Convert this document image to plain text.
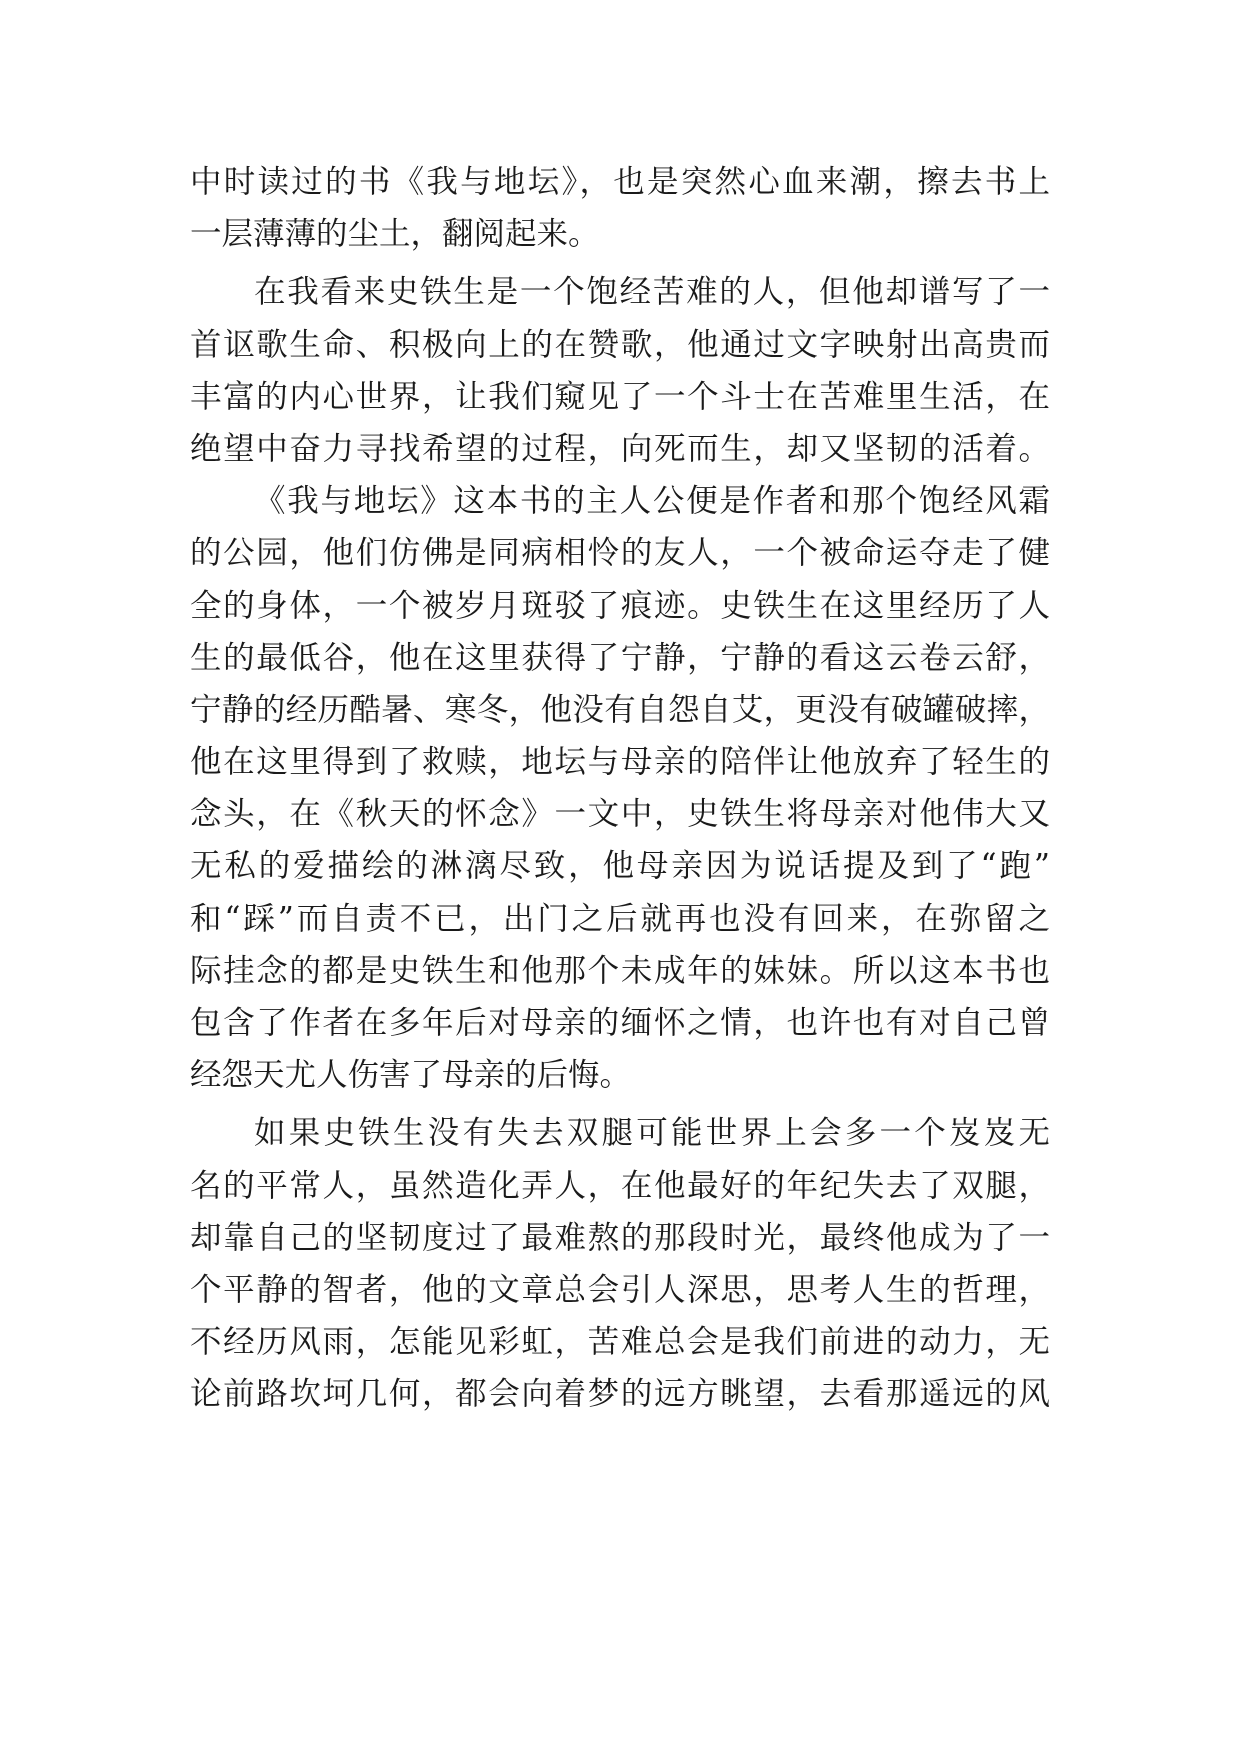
中时读过的书《我与地坛》，也是突然心血来潮，擦去书上
一层薄薄的尘土，翻阅起来。
在我看来史铁生是一个饱经苦难的人，但他却谱写了一
首讴歌生命、积极向上的在赞歌，他通过文字映射出高贵而
丰富的内心世界，让我们窥见了一个斗士在苦难里生活，在
绝望中奋力寻找希望的过程，向死而生，却又坚韧的活着。
《我与地坛》这本书的主人公便是作者和那个饱经风霜
的公园，他们仿佛是同病相怜的友人，一个被命运夺走了健
全的身体，一个被岁月斑驳了痕迹。史铁生在这里经历了人
生的最低谷，他在这里获得了宁静，宁静的看这云卷云舒，
宁静的经历酷暑、寒冬，他没有自怨自艾，更没有破罐破摔，
他在这里得到了救赎，地坛与母亲的陪伴让他放弃了轻生的
念头，在《秋天的怀念》一文中，史铁生将母亲对他伟大又
无私的爱描绘的淋漓尽致，他母亲因为说话提及到了“跑”
和“踩”而自责不已，出门之后就再也没有回来，在弥留之
际挂念的都是史铁生和他那个未成年的妹妹。所以这本书也
包含了作者在多年后对母亲的缅怀之情，也许也有对自己曾
经怨天尤人伤害了母亲的后悔。
如果史铁生没有失去双腿可能世界上会多一个岌岌无
名的平常人，虽然造化弄人，在他最好的年纪失去了双腿，
却靠自己的坚韧度过了最难熬的那段时光，最终他成为了一
个平静的智者，他的文章总会引人深思，思考人生的哲理，
不经历风雨，怎能见彩虹，苦难总会是我们前进的动力，无
论前路坎坷几何，都会向着梦的远方眺望，去看那遥远的风
